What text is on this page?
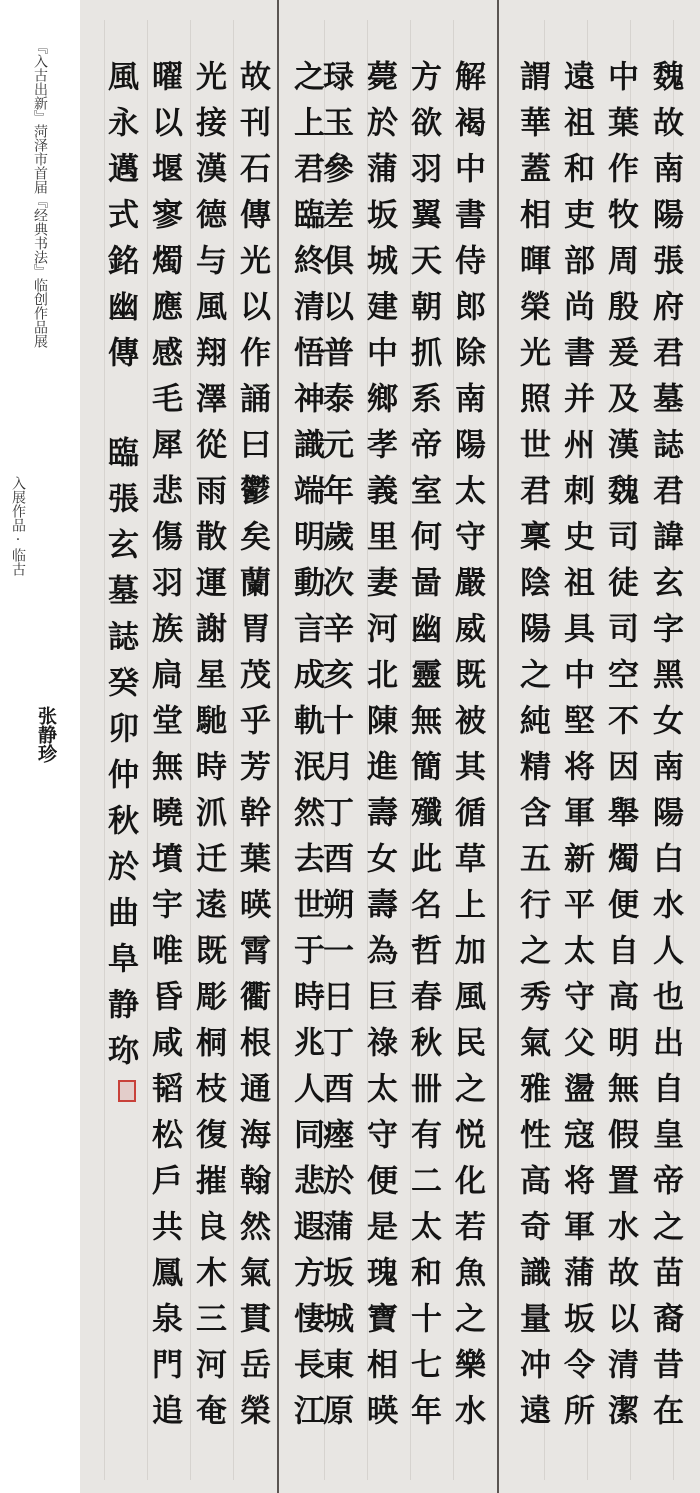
『入古出新』菏泽市首届『经典书法』临创作品展
入展作品·临古
张静珍	魏故南陽張府君墓誌君諱玄字黑女南陽白水人也出自皇帝之苗裔昔在
中葉作牧周殷爰及漢魏司徒司空不因舉燭便自高明無假置水故以清潔
遠祖和吏部尚書并州刺史祖具中堅将軍新平太守父盪寇将軍蒲坂令所
謂華蓋相暉榮光照世君稟陰陽之純精含五行之秀氣雅性高奇識量冲遠
解褐中書侍郎除南陽太守嚴威既被其循草上加風民之悦化若魚之樂水
方欲羽翼天朝抓系帝室何啚幽靈無簡殲此名哲春秋卌有二太和十七年
薨於蒲坂城建中鄉孝義里妻河北陳進壽女壽為巨祿太守便是瑰寶相暎
琭玉參差俱以普泰元年歲次辛亥十月丁酉朔一日丁酉瘞於蒲坂城東原
之上君臨終清悟神識端明動言成軌泯然去世于時兆人同悲遐方悽長江
故刊石傳光以作誦曰鬱矣蘭胃茂乎芳幹葉暎霄衢根通海翰然氣貫岳榮
光接漢德与風翔澤從雨散運謝星馳時沠迁逺既彫桐枝復摧良木三河奄
曜以堰寥燭應感毛犀悲傷羽族扃堂無曉墳宇唯昏咸韬松戶共鳳泉門追
風永邁式銘幽傳
臨張玄墓誌癸卯仲秋於曲阜静珎
